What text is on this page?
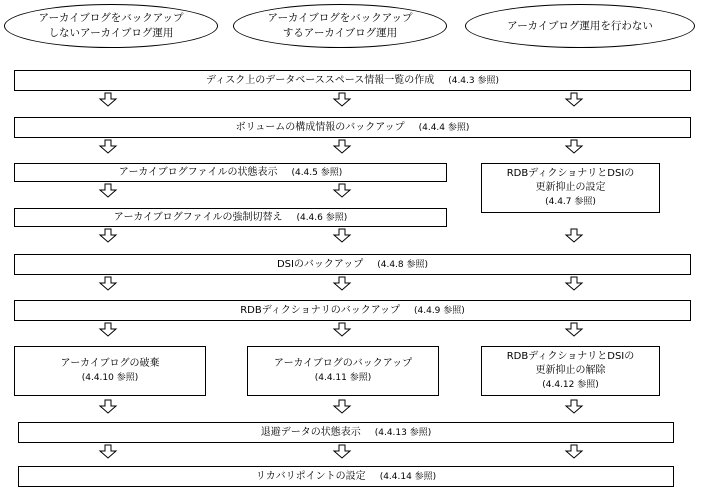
アーカイブログをバックアップ
しないアーカイブログ運用
アーカイブログをバックアップ
するアーカイブログ運用
アーカイブログ運用を行わない
ディスク上のデータベーススペース情報一覧の作成 (4.4.3 参照)
ボリュームの構成情報のバックアップ (4.4.4 参照)
アーカイブログファイルの状態表示 (4.4.5 参照)
アーカイブログファイルの強制切替え (4.4.6 参照)
RDBディクショナリとDSIの
更新抑止の設定
(4.4.7 参照)
DSIのバックアップ (4.4.8 参照)
RDBディクショナリのバックアップ (4.4.9 参照)
アーカイブログの破棄
(4.4.10 参照)
アーカイブログのバックアップ
(4.4.11 参照)
RDBディクショナリとDSIの
更新抑止の解除
(4.4.12 参照)
退避データの状態表示 (4.4.13 参照)
リカバリポイントの設定 (4.4.14 参照)
